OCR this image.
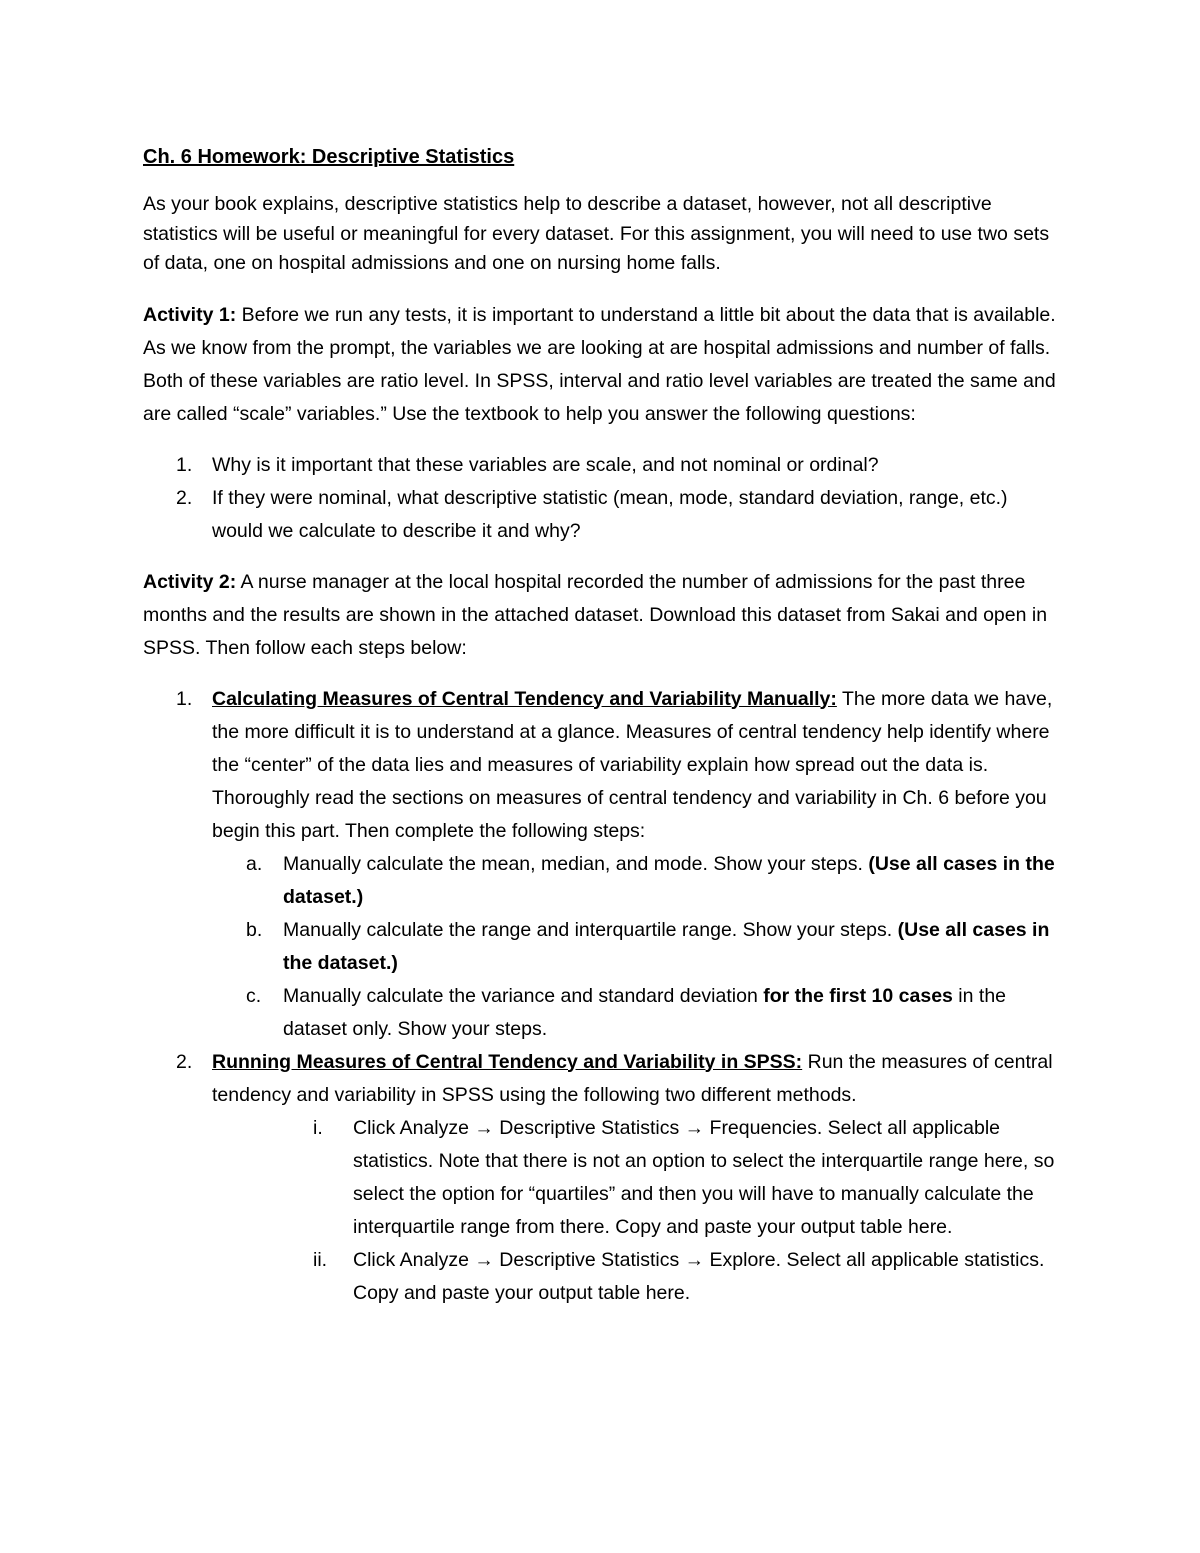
Ch. 6 Homework: Descriptive Statistics

As your book explains, descriptive statistics help to describe a dataset, however, not all descriptive statistics will be useful or meaningful for every dataset. For this assignment, you will need to use two sets of data, one on hospital admissions and one on nursing home falls.

Activity 1: Before we run any tests, it is important to understand a little bit about the data that is available. As we know from the prompt, the variables we are looking at are hospital admissions and number of falls. Both of these variables are ratio level. In SPSS, interval and ratio level variables are treated the same and are called “scale” variables.” Use the textbook to help you answer the following questions:

1. Why is it important that these variables are scale, and not nominal or ordinal?
2. If they were nominal, what descriptive statistic (mean, mode, standard deviation, range, etc.) would we calculate to describe it and why?

Activity 2: A nurse manager at the local hospital recorded the number of admissions for the past three months and the results are shown in the attached dataset. Download this dataset from Sakai and open in SPSS. Then follow each steps below:

1. Calculating Measures of Central Tendency and Variability Manually: The more data we have, the more difficult it is to understand at a glance. Measures of central tendency help identify where the “center” of the data lies and measures of variability explain how spread out the data is. Thoroughly read the sections on measures of central tendency and variability in Ch. 6 before you begin this part. Then complete the following steps:
a. Manually calculate the mean, median, and mode. Show your steps. (Use all cases in the dataset.)
b. Manually calculate the range and interquartile range. Show your steps. (Use all cases in the dataset.)
c. Manually calculate the variance and standard deviation for the first 10 cases in the dataset only. Show your steps.
2. Running Measures of Central Tendency and Variability in SPSS: Run the measures of central tendency and variability in SPSS using the following two different methods.
i. Click Analyze → Descriptive Statistics → Frequencies. Select all applicable statistics. Note that there is not an option to select the interquartile range here, so select the option for “quartiles” and then you will have to manually calculate the interquartile range from there. Copy and paste your output table here.
ii. Click Analyze → Descriptive Statistics → Explore. Select all applicable statistics. Copy and paste your output table here.
